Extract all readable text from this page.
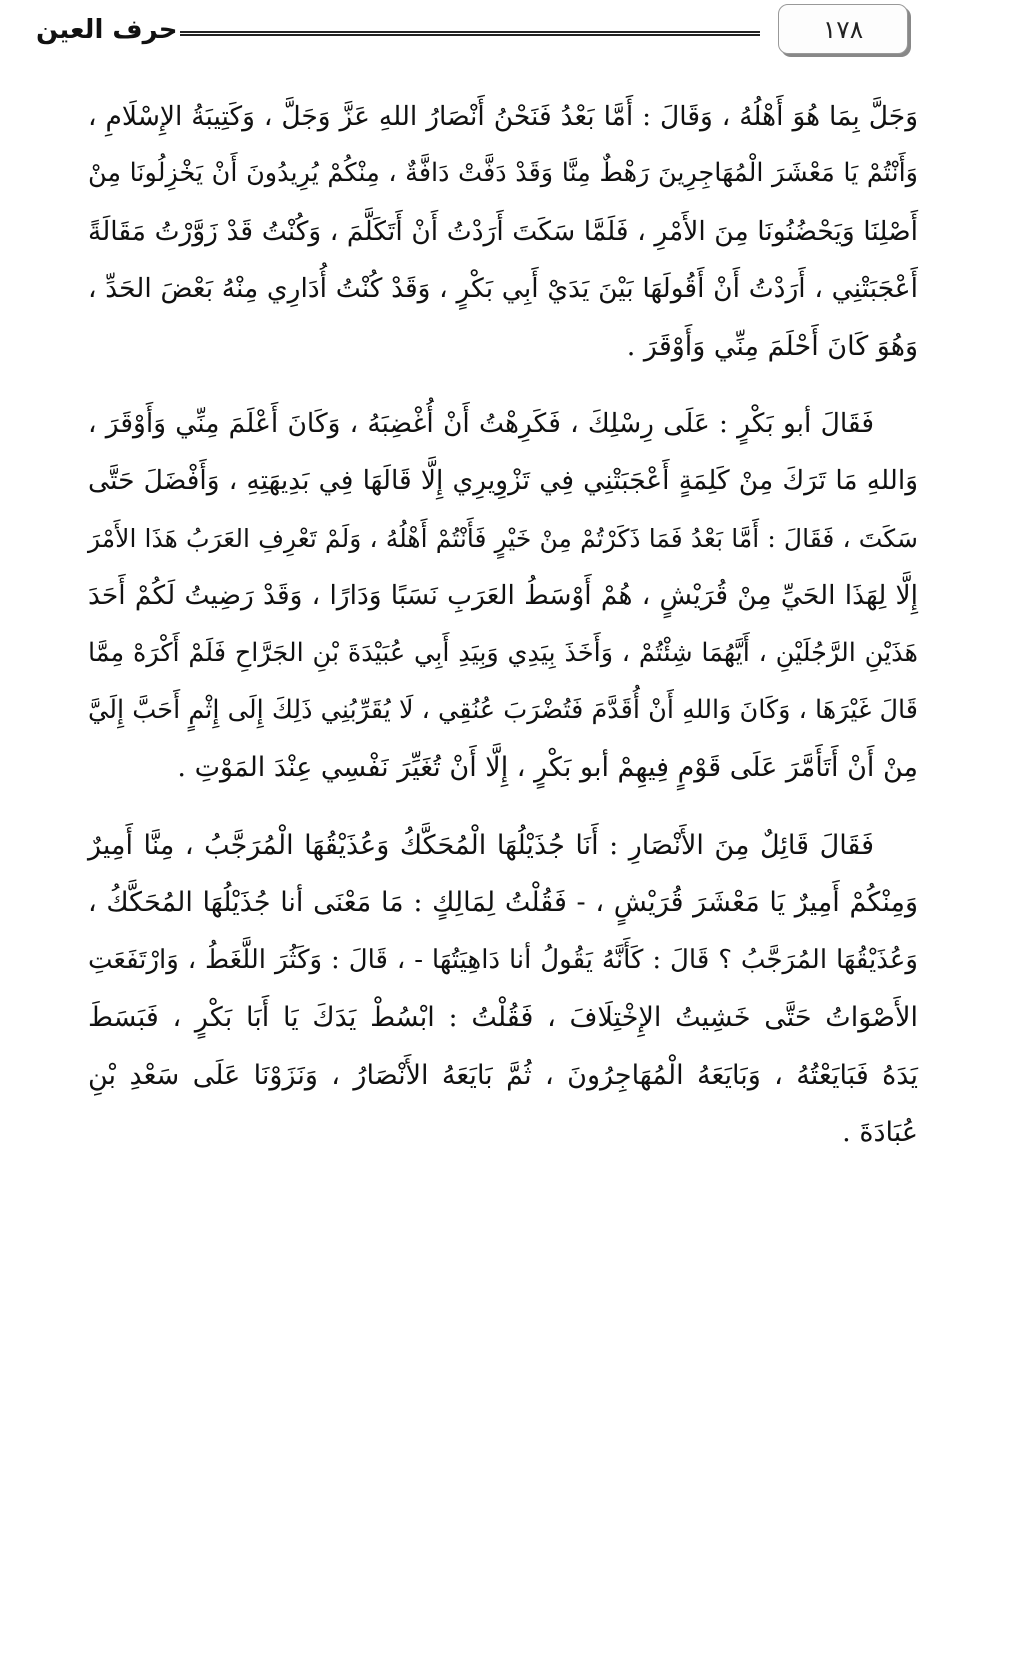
١٧٨
حرف العين
وَجَلَّ بِمَا هُوَ أَهْلُهُ ، وَقَالَ : أَمَّا بَعْدُ فَنَحْنُ أَنْصَارُ اللهِ عَزَّ وَجَلَّ ، وَكَتِيبَةُ الإِسْلَامِ ،
وَأَنْتُمْ يَا مَعْشَرَ الْمُهَاجِرِينَ رَهْطٌ مِنَّا وَقَدْ دَفَّتْ دَافَّةٌ ، مِنْكُمْ يُرِيدُونَ أَنْ يَخْزِلُونَا مِنْ
أَصْلِنَا وَيَحْضُنُونَا مِنَ الأَمْرِ ، فَلَمَّا سَكَتَ أَرَدْتُ أَنْ أَتَكَلَّمَ ، وَكُنْتُ قَدْ زَوَّرْتُ مَقَالَةً
أَعْجَبَتْنِي ، أَرَدْتُ أَنْ أَقُولَهَا بَيْنَ يَدَيْ أَبِي بَكْرٍ ، وَقَدْ كُنْتُ أُدَارِي مِنْهُ بَعْضَ الحَدِّ ،
وَهُوَ كَانَ أَحْلَمَ مِنِّي وَأَوْقَرَ .
فَقَالَ أبو بَكْرٍ : عَلَى رِسْلِكَ ، فَكَرِهْتُ أَنْ أُغْضِبَهُ ، وَكَانَ أَعْلَمَ مِنِّي وَأَوْقَرَ ،
وَاللهِ مَا تَرَكَ مِنْ كَلِمَةٍ أَعْجَبَتْنِي فِي تَزْوِيرِي إِلَّا قَالَهَا فِي بَدِيهَتِهِ ، وَأَفْضَلَ حَتَّى
سَكَتَ ، فَقَالَ : أَمَّا بَعْدُ فَمَا ذَكَرْتُمْ مِنْ خَيْرٍ فَأَنْتُمْ أَهْلُهُ ، وَلَمْ تَعْرِفِ العَرَبُ هَذَا الأَمْرَ
إِلَّا لِهَذَا الحَيِّ مِنْ قُرَيْشٍ ، هُمْ أَوْسَطُ العَرَبِ نَسَبًا وَدَارًا ، وَقَدْ رَضِيتُ لَكُمْ أَحَدَ
هَذَيْنِ الرَّجُلَيْنِ ، أَيَّهُمَا شِئْتُمْ ، وَأَخَذَ بِيَدِي وَبِيَدِ أَبِي عُبَيْدَةَ بْنِ الجَرَّاحِ فَلَمْ أَكْرَهْ مِمَّا
قَالَ غَيْرَهَا ، وَكَانَ وَاللهِ أَنْ أُقَدَّمَ فَتُضْرَبَ عُنُقِي ، لَا يُقَرِّبُنِي ذَلِكَ إِلَى إِثْمٍ أَحَبَّ إِلَيَّ
مِنْ أَنْ أَتَأَمَّرَ عَلَى قَوْمٍ فِيهِمْ أبو بَكْرٍ ، إِلَّا أَنْ تُغَيِّرَ نَفْسِي عِنْدَ المَوْتِ .
فَقَالَ قَائِلٌ مِنَ الأَنْصَارِ : أَنَا جُذَيْلُهَا الْمُحَكَّكُ وَعُذَيْقُهَا الْمُرَجَّبُ ، مِنَّا أَمِيرٌ
وَمِنْكُمْ أَمِيرٌ يَا مَعْشَرَ قُرَيْشٍ ، - فَقُلْتُ لِمَالِكٍ : مَا مَعْنَى أنا جُذَيْلُهَا المُحَكَّكُ ،
وَعُذَيْقُهَا المُرَجَّبُ ؟ قَالَ : كَأَنَّهُ يَقُولُ أنا دَاهِيَتُهَا - ، قَالَ : وَكَثُرَ اللَّغَطُ ، وَارْتَفَعَتِ
الأَصْوَاتُ حَتَّى خَشِيتُ الإِخْتِلَافَ ، فَقُلْتُ : ابْسُطْ يَدَكَ يَا أَبَا بَكْرٍ ، فَبَسَطَ
يَدَهُ فَبَايَعْتُهُ ، وَبَايَعَهُ الْمُهَاجِرُونَ ، ثُمَّ بَايَعَهُ الأَنْصَارُ ، وَنَزَوْنَا عَلَى سَعْدِ بْنِ
عُبَادَةَ .
